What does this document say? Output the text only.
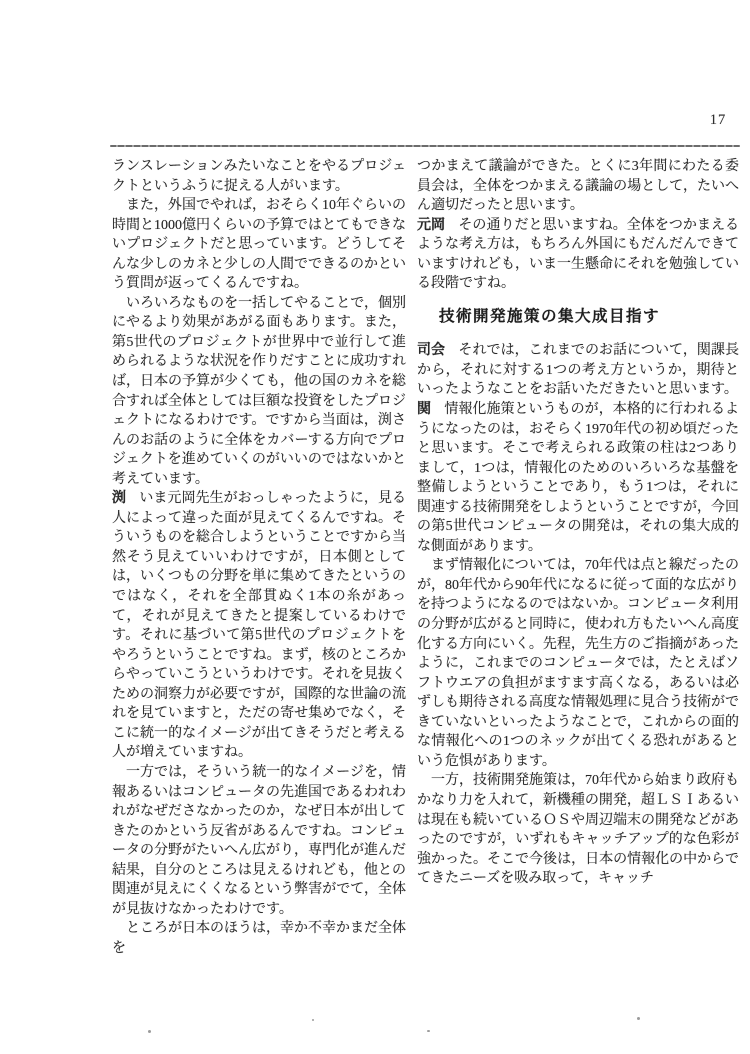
17

ランスレーションみたいなことをやるプロジェクトというふうに捉える人がいます。

また，外国でやれば，おそらく10年ぐらいの時間と1000億円くらいの予算ではとてもできないプロジェクトだと思っています。どうしてそんな少しのカネと少しの人間でできるのかという質問が返ってくるんですね。

いろいろなものを一括してやることで，個別にやるより効果があがる面もあります。また，第5世代のプロジェクトが世界中で並行して進められるような状況を作りだすことに成功すれば，日本の予算が少くても，他の国のカネを総合すれば全体としては巨額な投資をしたプロジェクトになるわけです。ですから当面は，渕さんのお話のように全体をカバーする方向でプロジェクトを進めていくのがいいのではないかと考えています。

渕 いま元岡先生がおっしゃったように，見る人によって違った面が見えてくるんですね。そういうものを総合しようということですから当然そう見えていいわけですが，日本側としては，いくつもの分野を単に集めてきたというのではなく，それを全部貫ぬく1本の糸があって，それが見えてきたと提案しているわけです。それに基づいて第5世代のプロジェクトをやろうということですね。まず，核のところからやっていこうというわけです。それを見抜くための洞察力が必要ですが，国際的な世論の流れを見ていますと，ただの寄せ集めでなく，そこに統一的なイメージが出てきそうだと考える人が増えていますね。

一方では，そういう統一的なイメージを，情報あるいはコンピュータの先進国であるわれわれがなぜださなかったのか，なぜ日本が出してきたのかという反省があるんですね。コンピュータの分野がたいへん広がり，専門化が進んだ結果，自分のところは見えるけれども，他との関連が見えにくくなるという弊害がでて，全体が見抜けなかったわけです。

ところが日本のほうは，幸か不幸かまだ全体を

つかまえて議論ができた。とくに3年間にわたる委員会は，全体をつかまえる議論の場として，たいへん適切だったと思います。

元岡 その通りだと思いますね。全体をつかまえるような考え方は，もちろん外国にもだんだんできていますけれども，いま一生懸命にそれを勉強している段階ですね。

技術開発施策の集大成目指す

司会 それでは，これまでのお話について，関課長から，それに対する1つの考え方というか，期待といったようなことをお話いただきたいと思います。

関 情報化施策というものが，本格的に行われるようになったのは，おそらく1970年代の初め頃だったと思います。そこで考えられる政策の柱は2つありまして，1つは，情報化のためのいろいろな基盤を整備しようということであり，もう1つは，それに関連する技術開発をしようということですが，今回の第5世代コンピュータの開発は，それの集大成的な側面があります。

まず情報化については，70年代は点と線だったのが，80年代から90年代になるに従って面的な広がりを持つようになるのではないか。コンピュータ利用の分野が広がると同時に，使われ方もたいへん高度化する方向にいく。先程，先生方のご指摘があったように，これまでのコンピュータでは，たとえばソフトウエアの負担がますます高くなる，あるいは必ずしも期待される高度な情報処理に見合う技術ができていないといったようなことで，これからの面的な情報化への1つのネックが出てくる恐れがあるという危惧があります。

一方，技術開発施策は，70年代から始まり政府もかなり力を入れて，新機種の開発，超ＬＳＩあるいは現在も続いているＯＳや周辺端末の開発などがあったのですが，いずれもキャッチアップ的な色彩が強かった。そこで今後は，日本の情報化の中からでてきたニーズを吸み取って，キャッチ
